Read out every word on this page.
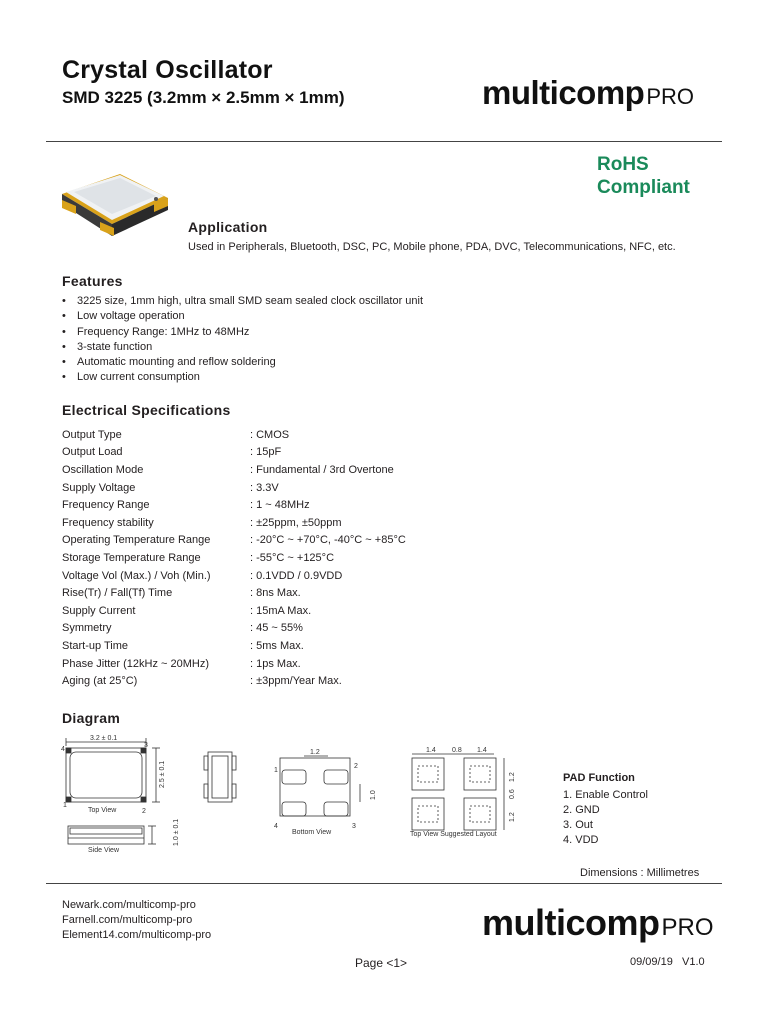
Crystal Oscillator
SMD 3225 (3.2mm × 2.5mm × 1mm)	multicomp PRO
RoHS
Compliant
Application
Used in Peripherals, Bluetooth, DSC, PC, Mobile phone, PDA, DVC, Telecommunications, NFC, etc.
Features
•	3225 size, 1mm high, ultra small SMD seam sealed clock oscillator unit
•	Low voltage operation
•	Frequency Range: 1MHz to 48MHz
•	3-state function
•	Automatic mounting and reflow soldering
•	Low current consumption
Electrical Specifications
Output Type	: CMOS
Output Load	: 15pF
Oscillation Mode	: Fundamental / 3rd Overtone
Supply Voltage	: 3.3V
Frequency Range	: 1 ~ 48MHz
Frequency stability	: ±25ppm, ±50ppm
Operating Temperature Range	: -20°C ~ +70°C, -40°C ~ +85°C
Storage Temperature Range	: -55°C ~ +125°C
Voltage Vol (Max.) / Voh (Min.)	: 0.1VDD / 0.9VDD
Rise(Tr) / Fall(Tf) Time	: 8ns Max.
Supply Current	: 15mA Max.
Symmetry	: 45 ~ 55%
Start-up Time	: 5ms Max.
Phase Jitter (12kHz ~ 20MHz)	: 1ps Max.
Aging (at 25°C)	: ±3ppm/Year Max.
Diagram
3.2 ± 0.1
4
3
1
2
2.5 ± 0.1
Top View
1.0 ± 0.1
Side View
1.2
1.0
1
2
3
4
Bottom View
1.4 0.8 1.4
1.2
0.6
1.2
Top View Suggested Layout
PAD Function
1. Enable Control
2. GND
3. Out
4. VDD
Dimensions : Millimetres
Newark.com/multicomp-pro
Farnell.com/multicomp-pro
Element14.com/multicomp-pro	multicomp PRO
Page <1>	09/09/19   V1.0
